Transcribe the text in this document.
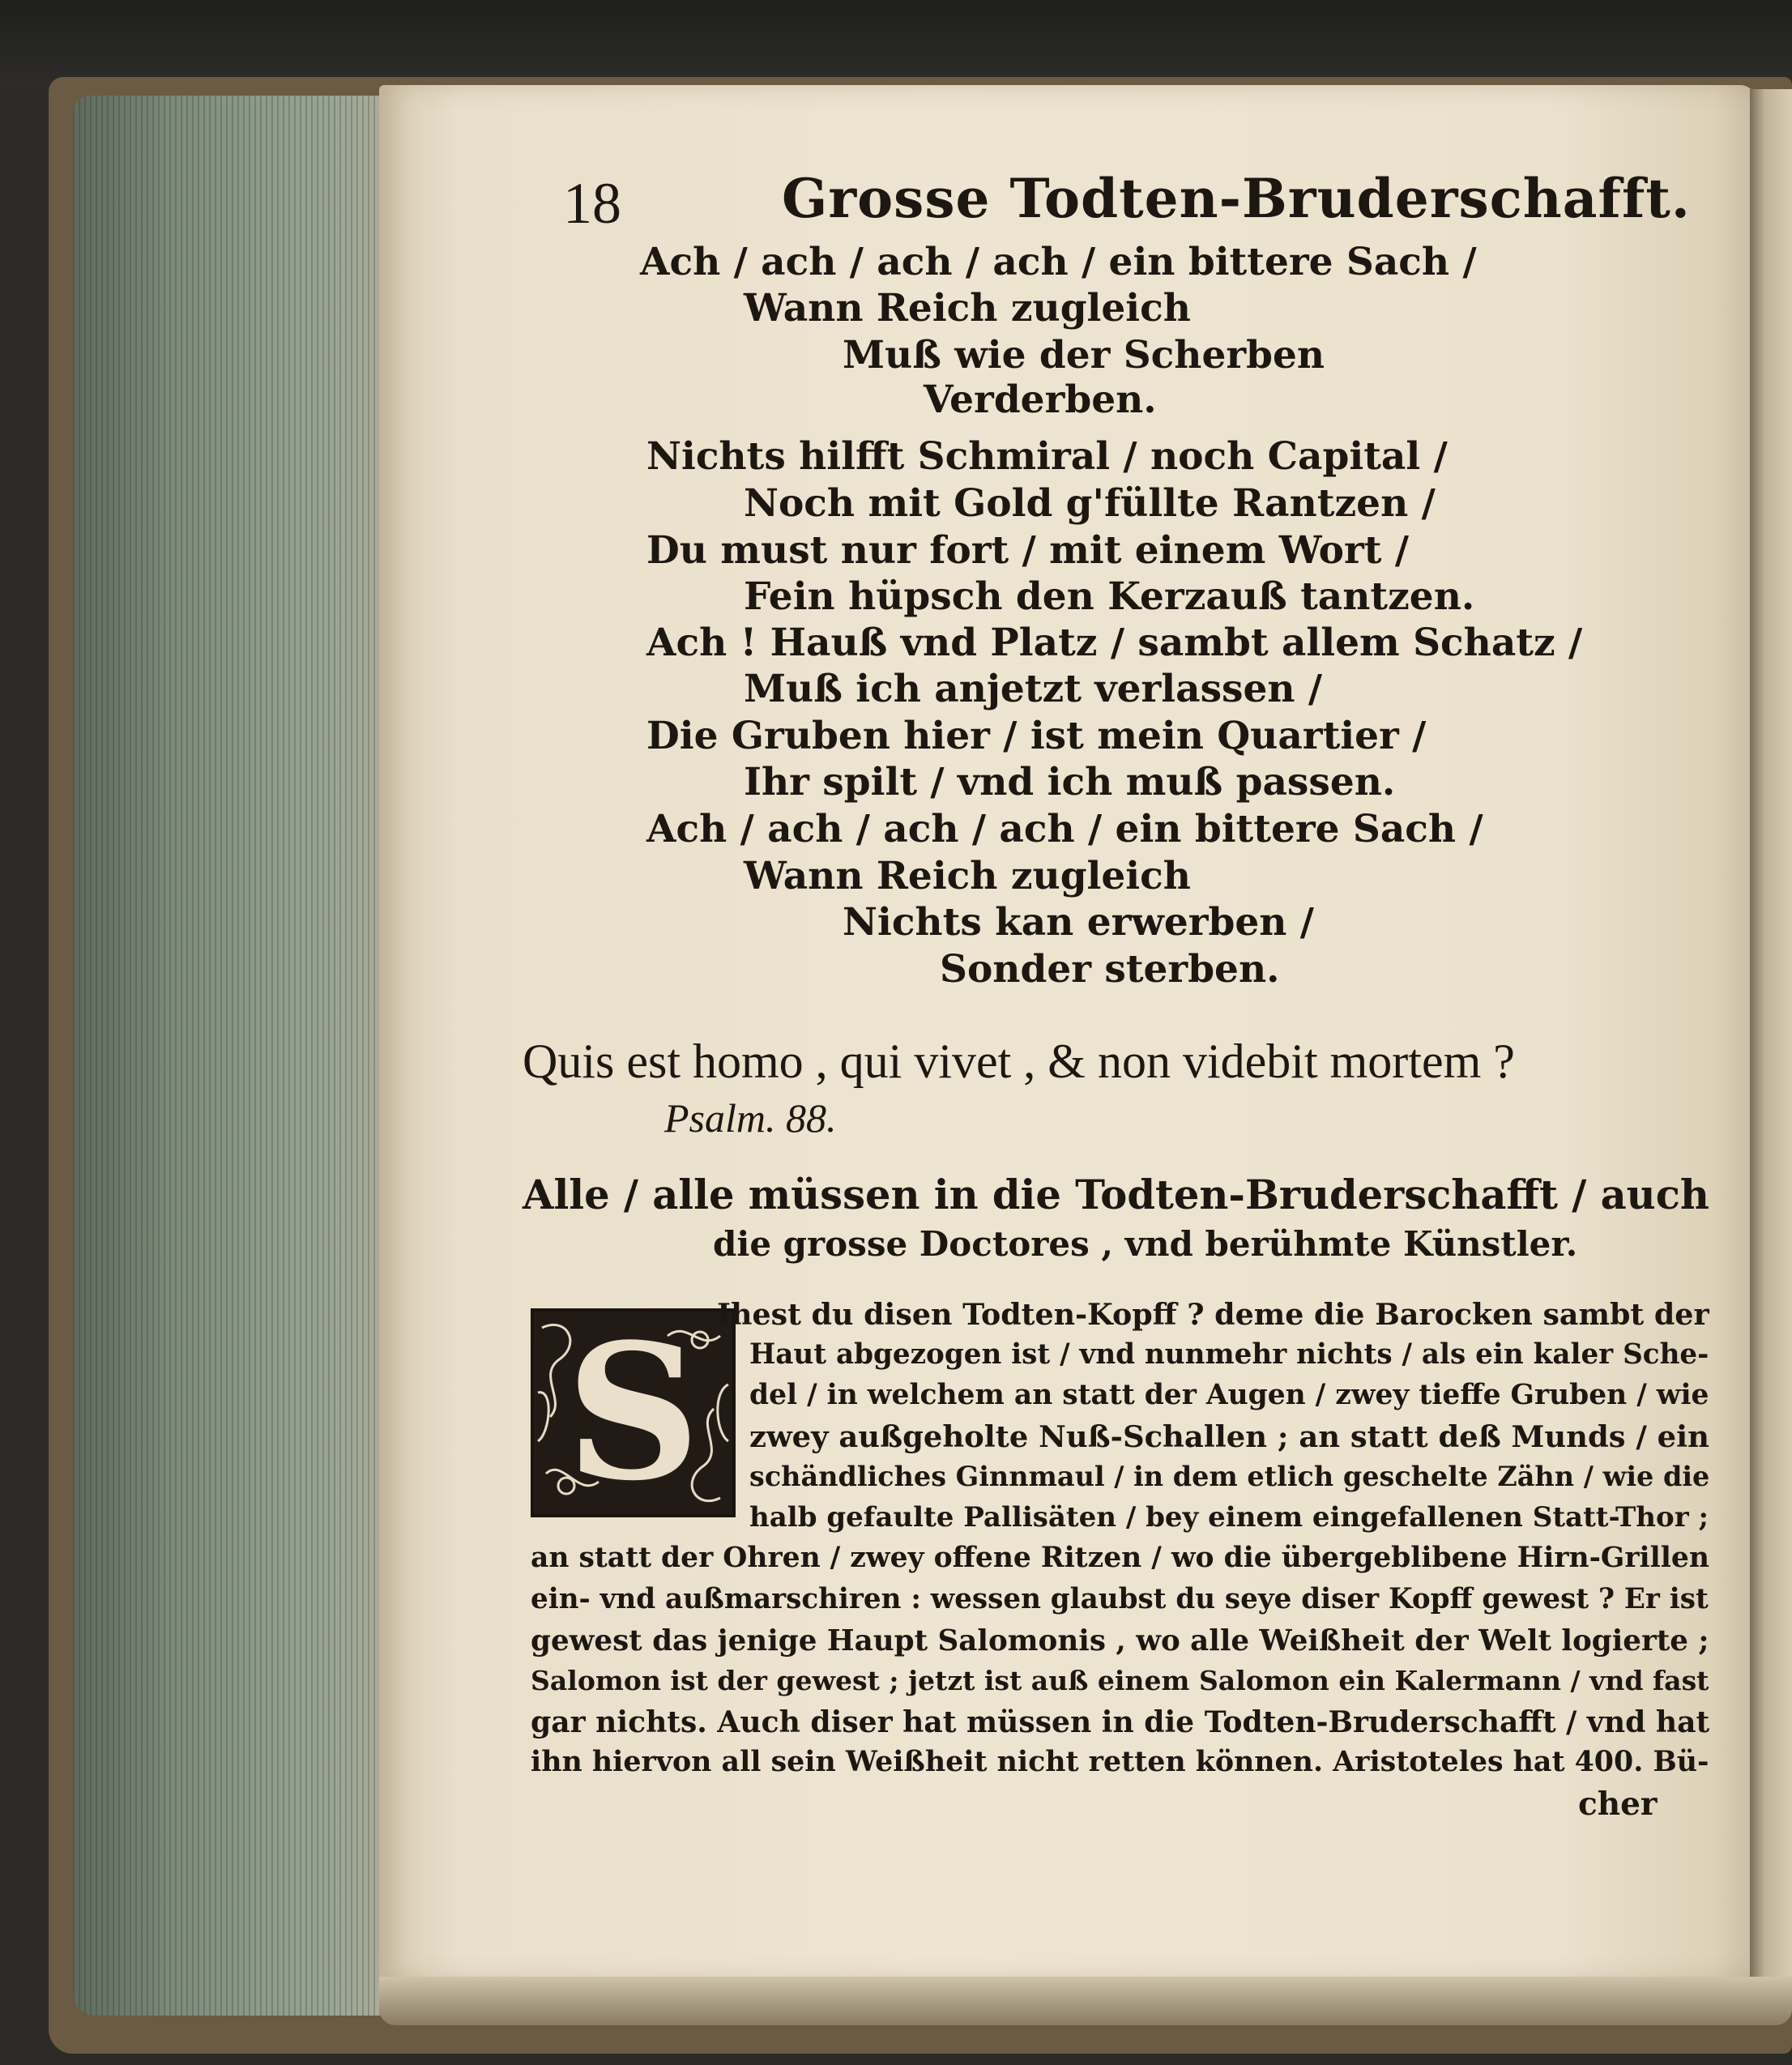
18	Grosse Todten-Bruderschafft.
Ach / ach / ach / ach / ein bittere Sach /
Wann Reich zugleich
Muß wie der Scherben
Verderben.
Nichts hilfft Schmiral / noch Capital /
Noch mit Gold g'füllte Rantzen /
Du must nur fort / mit einem Wort /
Fein hüpsch den Kerzauß tantzen.
Ach ! Hauß vnd Platz / sambt allem Schatz /
Muß ich anjetzt verlassen /
Die Gruben hier / ist mein Quartier /
Ihr spilt / vnd ich muß passen.
Ach / ach / ach / ach / ein bittere Sach /
Wann Reich zugleich
Nichts kan erwerben /
Sonder sterben.
Quis est homo , qui vivet , & non videbit mortem ?
Psalm. 88.
Alle / alle müssen in die Todten-Bruderschafft / auch
die grosse Doctores , vnd berühmte Künstler.
S Ihest du disen Todten-Kopff ? deme die Barocken sambt der
Haut abgezogen ist / vnd nunmehr nichts / als ein kaler Sche-
del / in welchem an statt der Augen / zwey tieffe Gruben / wie
zwey außgeholte Nuß-Schallen ; an statt deß Munds / ein
schändliches Ginnmaul / in dem etlich geschelte Zähn / wie die
halb gefaulte Pallisäten / bey einem eingefallenen Statt-Thor ;
an statt der Ohren / zwey offene Ritzen / wo die übergeblibene Hirn-Grillen
ein- vnd außmarschiren : wessen glaubst du seye diser Kopff gewest ? Er ist
gewest das jenige Haupt Salomonis , wo alle Weißheit der Welt logierte ;
Salomon ist der gewest ; jetzt ist auß einem Salomon ein Kalermann / vnd fast
gar nichts. Auch diser hat müssen in die Todten-Bruderschafft / vnd hat
ihn hiervon all sein Weißheit nicht retten können. Aristoteles hat 400. Bü-
cher
